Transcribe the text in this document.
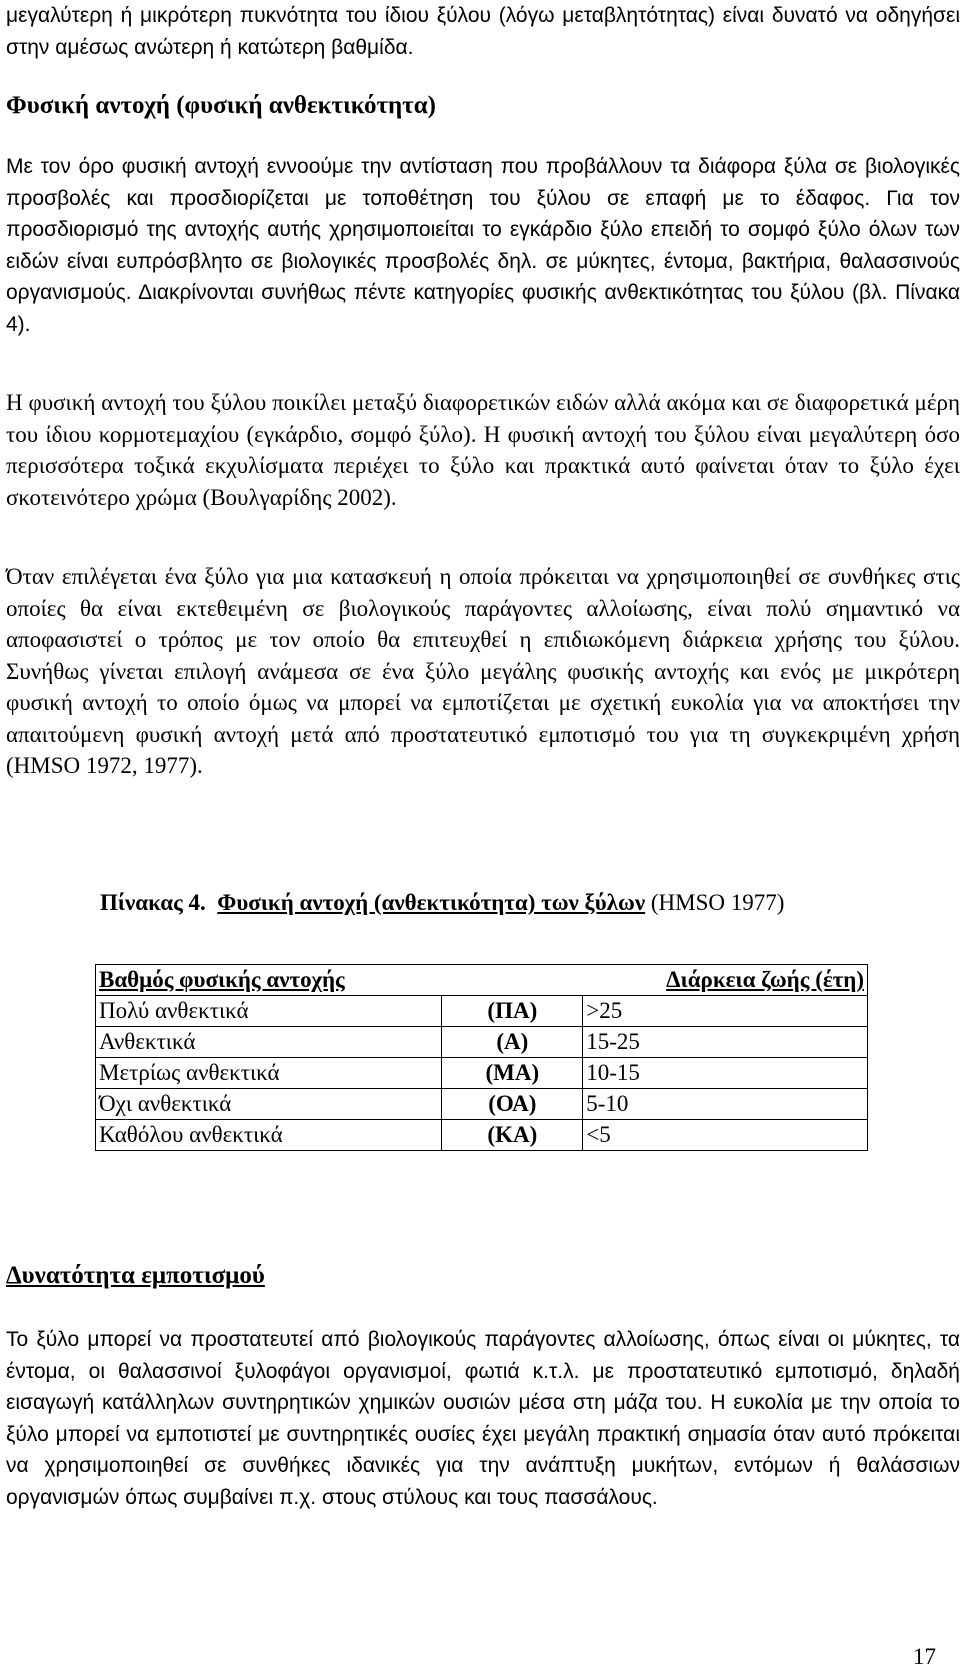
μεγαλύτερη ή μικρότερη πυκνότητα του ίδιου ξύλου (λόγω μεταβλητότητας) είναι δυνατό να οδηγήσει στην αμέσως ανώτερη ή κατώτερη βαθμίδα.

Φυσική αντοχή (φυσική ανθεκτικότητα)

Με τον όρο φυσική αντοχή εννοούμε την αντίσταση που προβάλλουν τα διάφορα ξύλα σε βιολογικές προσβολές και προσδιορίζεται με τοποθέτηση του ξύλου σε επαφή με το έδαφος. Για τον προσδιορισμό της αντοχής αυτής χρησιμοποιείται το εγκάρδιο ξύλο επειδή το σομφό ξύλο όλων των ειδών είναι ευπρόσβλητο σε βιολογικές προσβολές δηλ. σε μύκητες, έντομα, βακτήρια, θαλασσινούς οργανισμούς. Διακρίνονται συνήθως πέντε κατηγορίες φυσικής ανθεκτικότητας του ξύλου (βλ. Πίνακα 4).

Η φυσική αντοχή του ξύλου ποικίλει μεταξύ διαφορετικών ειδών αλλά ακόμα και σε διαφορετικά μέρη του ίδιου κορμοτεμαχίου (εγκάρδιο, σομφό ξύλο). Η φυσική αντοχή του ξύλου είναι μεγαλύτερη όσο περισσότερα τοξικά εκχυλίσματα περιέχει το ξύλο και πρακτικά αυτό φαίνεται όταν το ξύλο έχει σκοτεινότερο χρώμα (Βουλγαρίδης 2002).

Όταν επιλέγεται ένα ξύλο για μια κατασκευή η οποία πρόκειται να χρησιμοποιηθεί σε συνθήκες στις οποίες θα είναι εκτεθειμένη σε βιολογικούς παράγοντες αλλοίωσης, είναι πολύ σημαντικό να αποφασιστεί ο τρόπος με τον οποίο θα επιτευχθεί η επιδιωκόμενη διάρκεια χρήσης του ξύλου. Συνήθως γίνεται επιλογή ανάμεσα σε ένα ξύλο μεγάλης φυσικής αντοχής και ενός με μικρότερη φυσική αντοχή το οποίο όμως να μπορεί να εμποτίζεται με σχετική ευκολία για να αποκτήσει την απαιτούμενη φυσική αντοχή μετά από προστατευτικό εμποτισμό του για τη συγκεκριμένη χρήση (HMSO 1972, 1977).

Πίνακας 4. Φυσική αντοχή (ανθεκτικότητα) των ξύλων (HMSO 1977)

Βαθμός φυσικής αντοχής		Διάρκεια ζωής (έτη)
Πολύ ανθεκτικά	(ΠΑ)	>25
Ανθεκτικά	(Α)	15-25
Μετρίως ανθεκτικά	(ΜΑ)	10-15
Όχι ανθεκτικά	(ΟΑ)	5-10
Καθόλου ανθεκτικά	(ΚΑ)	<5
Δυνατότητα εμποτισμού

Το ξύλο μπορεί να προστατευτεί από βιολογικούς παράγοντες αλλοίωσης, όπως είναι οι μύκητες, τα έντομα, οι θαλασσινοί ξυλοφάγοι οργανισμοί, φωτιά κ.τ.λ. με προστατευτικό εμποτισμό, δηλαδή εισαγωγή κατάλληλων συντηρητικών χημικών ουσιών μέσα στη μάζα του. Η ευκολία με την οποία το ξύλο μπορεί να εμποτιστεί με συντηρητικές ουσίες έχει μεγάλη πρακτική σημασία όταν αυτό πρόκειται να χρησιμοποιηθεί σε συνθήκες ιδανικές για την ανάπτυξη μυκήτων, εντόμων ή θαλάσσιων οργανισμών όπως συμβαίνει π.χ. στους στύλους και τους πασσάλους.

17
